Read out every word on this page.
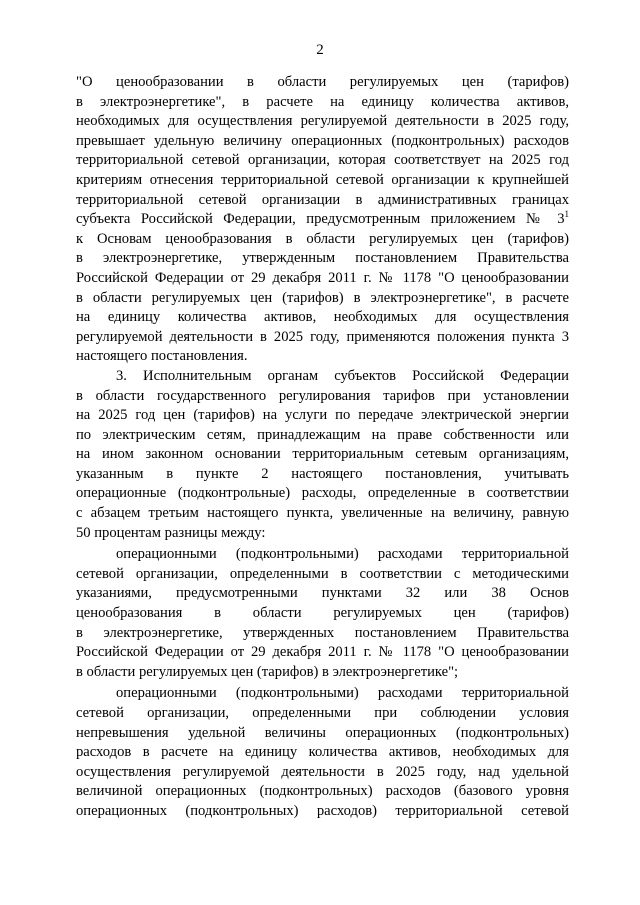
2
"О ценообразовании в области регулируемых цен (тарифов)
в электроэнергетике", в расчете на единицу количества активов,
необходимых для осуществления регулируемой деятельности в 2025 году,
превышает удельную величину операционных (подконтрольных) расходов
территориальной сетевой организации, которая соответствует на 2025 год
критериям отнесения территориальной сетевой организации к крупнейшей
территориальной сетевой организации в административных границах
субъекта Российской Федерации, предусмотренным приложением № $3^1$
к Основам ценообразования в области регулируемых цен (тарифов)
в электроэнергетике, утвержденным постановлением Правительства
Российской Федерации от 29 декабря 2011 г. № 1178 "О ценообразовании
в области регулируемых цен (тарифов) в электроэнергетике", в расчете
на единицу количества активов, необходимых для осуществления
регулируемой деятельности в 2025 году, применяются положения пункта 3
настоящего постановления.
3. Исполнительным органам субъектов Российской Федерации
в области государственного регулирования тарифов при установлении
на 2025 год цен (тарифов) на услуги по передаче электрической энергии
по электрическим сетям, принадлежащим на праве собственности или
на ином законном основании территориальным сетевым организациям,
указанным в пункте 2 настоящего постановления, учитывать
операционные (подконтрольные) расходы, определенные в соответствии
с абзацем третьим настоящего пункта, увеличенные на величину, равную
50 процентам разницы между:
операционными (подконтрольными) расходами территориальной
сетевой организации, определенными в соответствии с методическими
указаниями, предусмотренными пунктами 32 или 38 Основ
ценообразования в области регулируемых цен (тарифов)
в электроэнергетике, утвержденных постановлением Правительства
Российской Федерации от 29 декабря 2011 г. № 1178 "О ценообразовании
в области регулируемых цен (тарифов) в электроэнергетике";
операционными (подконтрольными) расходами территориальной
сетевой организации, определенными при соблюдении условия
непревышения удельной величины операционных (подконтрольных)
расходов в расчете на единицу количества активов, необходимых для
осуществления регулируемой деятельности в 2025 году, над удельной
величиной операционных (подконтрольных) расходов (базового уровня
операционных (подконтрольных) расходов) территориальной сетевой
